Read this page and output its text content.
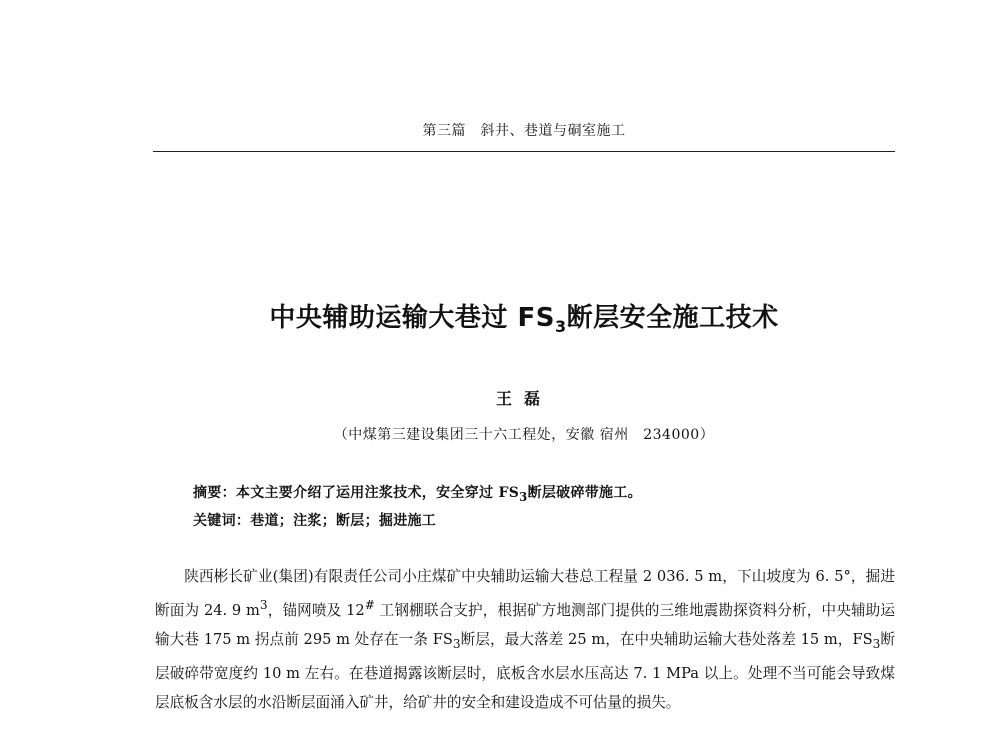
第三篇　斜井、巷道与硐室施工
中央辅助运输大巷过 $FS_3$断层安全施工技术
王磊
（中煤第三建设集团三十六工程处，安徽 宿州　234000）
摘要：本文主要介绍了运用注浆技术，安全穿过 $FS_3$断层破碎带施工。
关键词：巷道；注浆；断层；掘进施工

陕西彬长矿业(集团)有限责任公司小庄煤矿中央辅助运输大巷总工程量 2 036. 5 m，下山坡度为 6. 5°，掘进断面为 24. 9 $m^3$，锚网喷及 12# 工钢棚联合支护，根据矿方地测部门提供的三维地震勘探资料分析，中央辅助运输大巷 175 m 拐点前 295 m 处存在一条 $FS_3$断层，最大落差 25 m，在中央辅助运输大巷处落差 15 m，$FS_3$断层破碎带宽度约 10 m 左右。在巷道揭露该断层时，底板含水层水压高达 7. 1 MPa 以上。处理不当可能会导致煤层底板含水层的水沿断层面涌入矿井，给矿井的安全和建设造成不可估量的损失。
